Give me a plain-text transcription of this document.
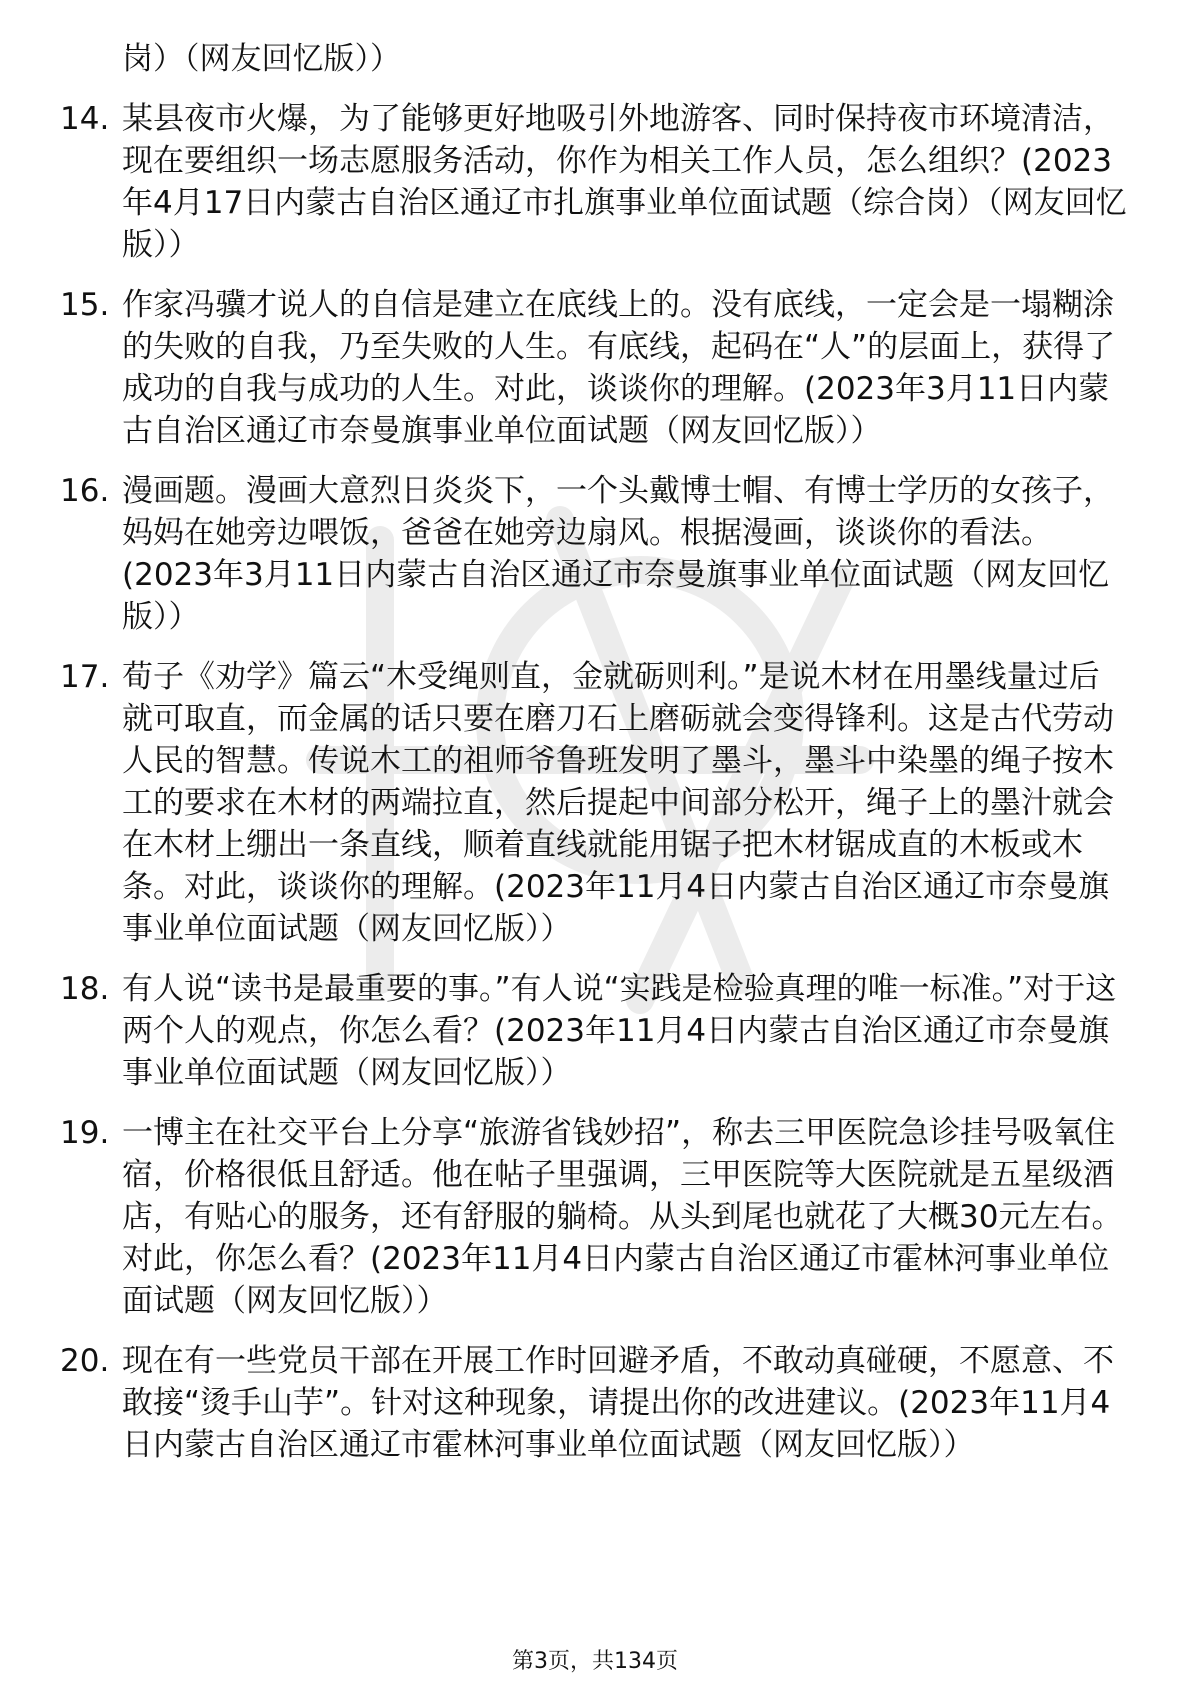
岗）（网友回忆版））

14. 某县夜市火爆，为了能够更好地吸引外地游客、同时保持夜市环境清洁，现在要组织一场志愿服务活动，你作为相关工作人员，怎么组织？(2023年4月17日内蒙古自治区通辽市扎旗事业单位面试题（综合岗）（网友回忆版））

15. 作家冯骥才说人的自信是建立在底线上的。没有底线，一定会是一塌糊涂的失败的自我，乃至失败的人生。有底线，起码在“人”的层面上，获得了成功的自我与成功的人生。对此，谈谈你的理解。(2023年3月11日内蒙古自治区通辽市奈曼旗事业单位面试题（网友回忆版））

16. 漫画题。漫画大意烈日炎炎下，一个头戴博士帽、有博士学历的女孩子，妈妈在她旁边喂饭，爸爸在她旁边扇风。根据漫画，谈谈你的看法。(2023年3月11日内蒙古自治区通辽市奈曼旗事业单位面试题（网友回忆版））

17. 荀子《劝学》篇云“木受绳则直，金就砺则利。”是说木材在用墨线量过后就可取直，而金属的话只要在磨刀石上磨砺就会变得锋利。这是古代劳动人民的智慧。传说木工的祖师爷鲁班发明了墨斗，墨斗中染墨的绳子按木工的要求在木材的两端拉直，然后提起中间部分松开，绳子上的墨汁就会在木材上绷出一条直线，顺着直线就能用锯子把木材锯成直的木板或木条。对此，谈谈你的理解。(2023年11月4日内蒙古自治区通辽市奈曼旗事业单位面试题（网友回忆版））

18. 有人说“读书是最重要的事。”有人说“实践是检验真理的唯一标准。”对于这两个人的观点，你怎么看？(2023年11月4日内蒙古自治区通辽市奈曼旗事业单位面试题（网友回忆版））

19. 一博主在社交平台上分享“旅游省钱妙招”，称去三甲医院急诊挂号吸氧住宿，价格很低且舒适。他在帖子里强调，三甲医院等大医院就是五星级酒店，有贴心的服务，还有舒服的躺椅。从头到尾也就花了大概30元左右。对此，你怎么看？(2023年11月4日内蒙古自治区通辽市霍林河事业单位面试题（网友回忆版））

20. 现在有一些党员干部在开展工作时回避矛盾，不敢动真碰硬，不愿意、不敢接“烫手山芋”。针对这种现象，请提出你的改进建议。(2023年11月4日内蒙古自治区通辽市霍林河事业单位面试题（网友回忆版））

第3页，共134页
